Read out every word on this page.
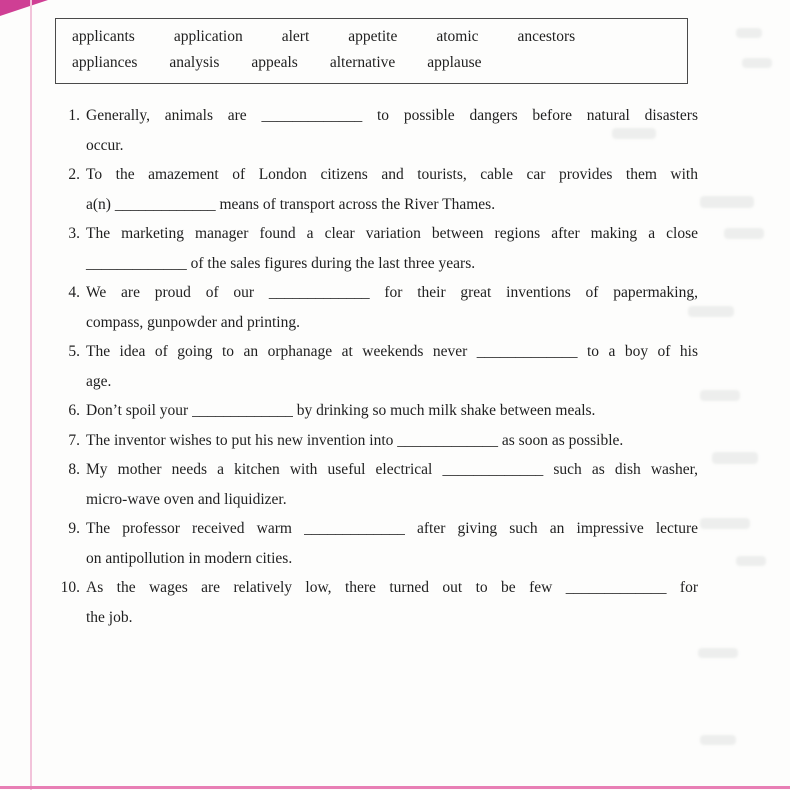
applicants	application	alert	appetite	atomic	ancestors
appliances analysis appeals alternative applause
1. Generally, animals are _____________ to possible dangers before natural disasters
occur.
2. To the amazement of London citizens and tourists, cable car provides them with
a(n) _____________ means of transport across the River Thames.
3. The marketing manager found a clear variation between regions after making a close
_____________ of the sales figures during the last three years.
4. We are proud of our _____________ for their great inventions of papermaking,
compass, gunpowder and printing.
5. The idea of going to an orphanage at weekends never _____________ to a boy of his
age.
6. Don’t spoil your _____________ by drinking so much milk shake between meals.
7. The inventor wishes to put his new invention into _____________ as soon as possible.
8. My mother needs a kitchen with useful electrical _____________ such as dish washer,
micro-wave oven and liquidizer.
9. The professor received warm _____________ after giving such an impressive lecture
on antipollution in modern cities.
10. As the wages are relatively low, there turned out to be few _____________ for
the job.
